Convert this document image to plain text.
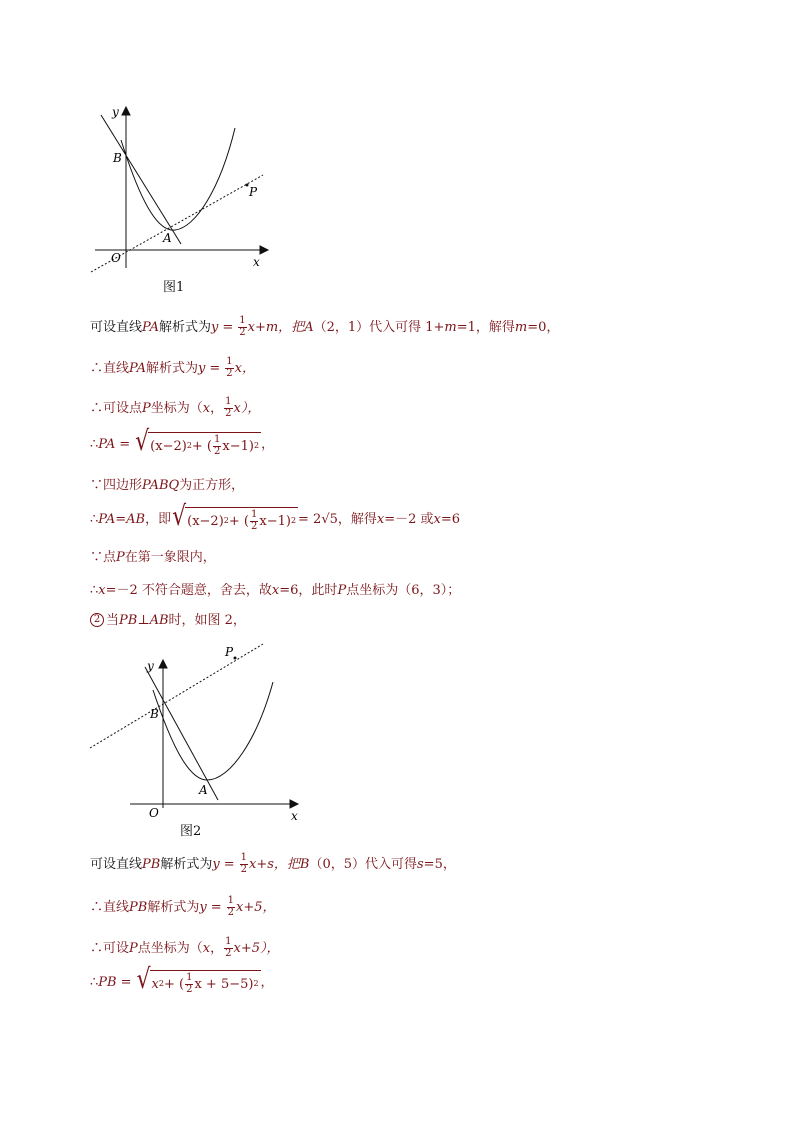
y
x
O
B
A
P
图1
可设直线 PA 解析式为 $y = \frac{1}{2} x+m$，把 A （2，1）代入可得 1+ m =1，解得 m =0，
∴直线 PA 解析式为 $y = \frac{1}{2}$ x，
∴可设点 P 坐标为（ x ， $\frac{1}{2} x$），
∴ PA = √ (x−2) 2 + ( $\frac{1}{2} x-1$) 2 ，
∵四边形 PABQ 为正方形，
∴ PA = AB ，即 √ (x−2) 2 + ( $\frac{1}{2} x-1$) 2 = 2√5，解得 x =－2 或 x =6
∵点 P 在第一象限内，
∴ x =－2 不符合题意，舍去，故 x =6，此时 P 点坐标为（6，3）；
2 当 PB ⊥ AB 时，如图 2，
y
x
O
B
A
P
图2
可设直线 PB 解析式为 $y = \frac{1}{2} x+s$，把 B （0，5）代入可得 s =5，
∴直线 PB 解析式为 $y = \frac{1}{2} x+5$，
∴可设 P 点坐标为（ x ， $\frac{1}{2} x+5$），
∴ PB = √ x 2 + ( $\frac{1}{2}$ x + 5−5) 2 ，
